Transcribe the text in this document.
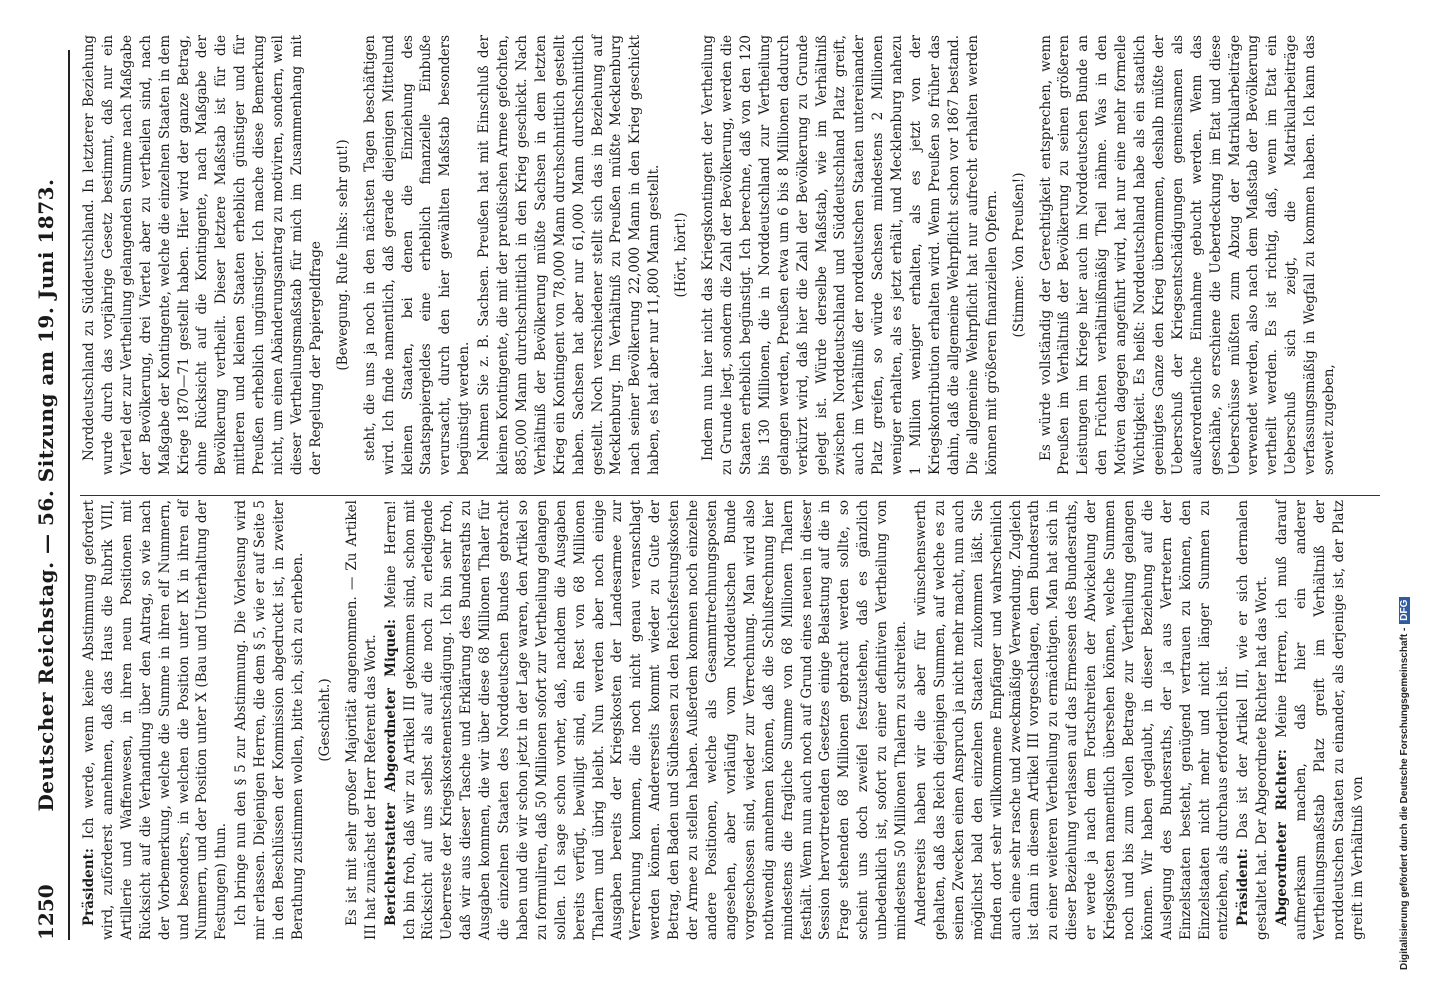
1250
Deutscher Reichstag. — 56. Sitzung am 19. Juni 1873.

Präsident: Ich werde, wenn keine Abstimmung gefordert wird, zuförderst annehmen, daß das Haus die Rubrik VIII, Artillerie und Waffenwesen, in ihren neun Positionen mit Rücksicht auf die Verhandlung über den Antrag, so wie nach der Vorbemerkung, welche die Summe in ihren elf Nummern, und besonders, in welchen die Position unter IX in ihren elf Nummern, und der Position unter X (Bau und Unterhaltung der Festungen) thun. Ich bringe nun den § 5 zur Abstimmung. Die Vorlesung wird mir erlassen. Diejenigen Herren, die dem § 5, wie er auf Seite 5 in den Beschlüssen der Kommission abgedruckt ist, in zweiter Berathung zustimmen wollen, bitte ich, sich zu erheben. (Geschieht.) Es ist mit sehr großer Majorität angenommen. — Zu Artikel III hat zunächst der Herr Referent das Wort. Berichterstatter Abgeordneter Miquel: Meine Herren! Ich bin froh, daß wir zu Artikel III gekommen sind, schon mit Rücksicht auf uns selbst als auf die noch zu erledigende Ueberreste der Kriegskostenentschädigung. Ich bin sehr froh, daß wir aus dieser Tasche und Erklärung des Bundesraths zu Ausgaben kommen, die wir über diese 68 Millionen Thaler für die einzelnen Staaten des Norddeutschen Bundes gebracht haben und die wir schon jetzt in der Lage waren, den Artikel so zu formuliren, daß 50 Millionen sofort zur Vertheilung gelangen sollen. Ich sage schon vorher, daß, nachdem die Ausgaben bereits verfügt, bewilligt sind, ein Rest von 68 Millionen Thalern und übrig bleibt. Nun werden aber noch einige Ausgaben bereits der Kriegskosten der Landesarmee zur Verrechnung kommen, die noch nicht genau veranschlagt werden können. Andererseits kommt wieder zu Gute der Betrag, den Baden und Südhessen zu den Reichsfestungskosten der Armee zu stellen haben. Außerdem kommen noch einzelne andere Positionen, welche als Gesammtrechnungsposten angesehen, aber vorläufig vom Norddeutschen Bunde vorgeschossen sind, wieder zur Verrechnung. Man wird also nothwendig annehmen können, daß die Schlußrechnung hier mindestens die fragliche Summe von 68 Millionen Thalern festhält. Wenn nun auch noch auf Grund eines neuen in dieser Session hervortretenden Gesetzes einige Belastung auf die in Frage stehenden 68 Millionen gebracht werden sollte, so scheint uns doch zweifel festzustehen, daß es gänzlich unbedenklich ist, sofort zu einer definitiven Vertheilung von mindestens 50 Millionen Thalern zu schreiten. Andererseits haben wir die aber für wünschenswerth gehalten, daß das Reich diejenigen Summen, auf welche es zu seinen Zwecken einen Anspruch ja nicht mehr macht, nun auch möglichst bald den einzelnen Staaten zukommen läßt. Sie finden dort sehr willkommene Empfänger und wahrscheinlich auch eine sehr rasche und zweckmäßige Verwendung. Zugleich ist dann in diesem Artikel III vorgeschlagen, dem Bundesrath zu einer weiteren Vertheilung zu ermächtigen. Man hat sich in dieser Beziehung verlassen auf das Ermessen des Bundesraths, er werde ja nach dem Fortschreiten der Abwickelung der Kriegskosten namentlich übersehen können, welche Summen noch und bis zum vollen Betrage zur Vertheilung gelangen können. Wir haben geglaubt, in dieser Beziehung auf die Auslegung des Bundesraths, der ja aus Vertretern der Einzelstaaten besteht, genügend vertrauen zu können, den Einzelstaaten nicht mehr und nicht länger Summen zu entziehen, als durchaus erforderlich ist. Präsident: Das ist der Artikel III, wie er sich dermalen gestaltet hat. Der Abgeordnete Richter hat das Wort. Abgeordneter Richter: Meine Herren, ich muß darauf aufmerksam machen, daß hier ein anderer Vertheilungsmaßstab Platz greift im Verhältniß der norddeutschen Staaten zu einander, als derjenige ist, der Platz greift im Verhältniß von

Norddeutschland zu Süddeutschland. In letzterer Beziehung wurde durch das vorjährige Gesetz bestimmt, daß nur ein Viertel der zur Vertheilung gelangenden Summe nach Maßgabe der Bevölkerung, drei Viertel aber zu vertheilen sind, nach Maßgabe der Kontingente, welche die einzelnen Staaten in dem Kriege 1870—71 gestellt haben. Hier wird der ganze Betrag, ohne Rücksicht auf die Kontingente, nach Maßgabe der Bevölkerung vertheilt. Dieser letztere Maßstab ist für die mittleren und kleinen Staaten erheblich günstiger und für Preußen erheblich ungünstiger. Ich mache diese Bemerkung nicht, um einen Abänderungsantrag zu motiviren, sondern, weil dieser Vertheilungsmaßstab für mich im Zusammenhang mit der Regelung der Papiergeldfrage (Bewegung. Rufe links: sehr gut!) steht, die uns ja noch in den nächsten Tagen beschäftigen wird. Ich finde namentlich, daß gerade diejenigen Mittelund kleinen Staaten, bei denen die Einziehung des Staatspapiergeldes eine erheblich finanzielle Einbuße verursacht, durch den hier gewählten Maßstab besonders begünstigt werden. Nehmen Sie z. B. Sachsen. Preußen hat mit Einschluß der kleinen Kontingente, die mit der preußischen Armee gefochten, 885,000 Mann durchschnittlich in den Krieg geschickt. Nach Verhältniß der Bevölkerung müßte Sachsen in dem letzten Krieg ein Kontingent von 78,000 Mann durchschnittlich gestellt haben. Sachsen hat aber nur 61,000 Mann durchschnittlich gestellt. Noch verschiedener stellt sich das in Beziehung auf Mecklenburg. Im Verhältniß zu Preußen müßte Mecklenburg nach seiner Bevölkerung 22,000 Mann in den Krieg geschickt haben, es hat aber nur 11,800 Mann gestellt. (Hört, hört!) Indem nun hier nicht das Kriegskontingent der Vertheilung zu Grunde liegt, sondern die Zahl der Bevölkerung, werden die Staaten erheblich begünstigt. Ich berechne, daß von den 120 bis 130 Millionen, die in Norddeutschland zur Vertheilung gelangen werden, Preußen etwa um 6 bis 8 Millionen dadurch verkürzt wird, daß hier die Zahl der Bevölkerung zu Grunde gelegt ist. Würde derselbe Maßstab, wie im Verhältniß zwischen Norddeutschland und Süddeutschland Platz greift, auch im Verhältniß der norddeutschen Staaten untereinander Platz greifen, so würde Sachsen mindestens 2 Millionen weniger erhalten, als es jetzt erhält, und Mecklenburg nahezu 1 Million weniger erhalten, als es jetzt von der Kriegskontribution erhalten wird. Wenn Preußen so früher das dahin, daß die allgemeine Wehrpflicht schon vor 1867 bestand. Die allgemeine Wehrpflicht hat nur aufrecht erhalten werden können mit größeren finanziellen Opfern. (Stimme: Von Preußen!) Es würde vollständig der Gerechtigkeit entsprechen, wenn Preußen im Verhältniß der Bevölkerung zu seinen größeren Leistungen im Kriege hier auch im Norddeutschen Bunde an den Früchten verhältnißmäßig Theil nähme. Was in den Motiven dagegen angeführt wird, hat nur eine mehr formelle Wichtigkeit. Es heißt: Norddeutschland habe als ein staatlich geeinigtes Ganze den Krieg übernommen, deshalb müßte der Ueberschuß der Kriegsentschädigungen gemeinsamen als außerordentliche Einnahme gebucht werden. Wenn das geschähe, so erschiene die Ueberdeckung im Etat und diese Ueberschüsse müßten zum Abzug der Matrikularbeiträge verwendet werden, also nach dem Maßstab der Bevölkerung vertheilt werden. Es ist richtig, daß, wenn im Etat ein Ueberschuß sich zeigt, die Matrikularbeiträge verfassungsmäßig in Wegfall zu kommen haben. Ich kann das soweit zugeben,

Digitalisierung gefördert durch die Deutsche Forschungsgemeinschaft -DFG
